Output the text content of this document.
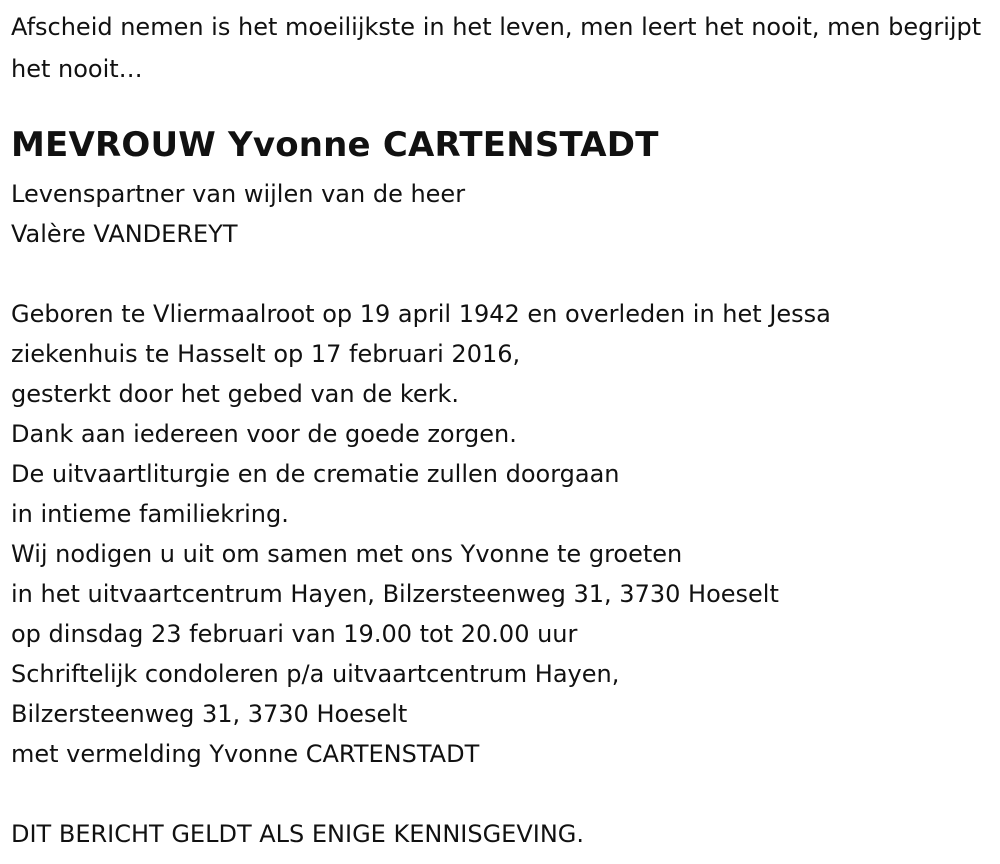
Afscheid nemen is het moeilijkste in het leven, men leert het nooit, men begrijpt het nooit…

MEVROUW Yvonne CARTENSTADT
Levenspartner van wijlen van de heer
Valère VANDEREYT
Geboren te Vliermaalroot op 19 april 1942 en overleden in het Jessa
ziekenhuis te Hasselt op 17 februari 2016,
gesterkt door het gebed van de kerk.
Dank aan iedereen voor de goede zorgen.
De uitvaartliturgie en de crematie zullen doorgaan
in intieme familiekring.
Wij nodigen u uit om samen met ons Yvonne te groeten
in het uitvaartcentrum Hayen, Bilzersteenweg 31, 3730 Hoeselt
op dinsdag 23 februari van 19.00 tot 20.00 uur
Schriftelijk condoleren p/a uitvaartcentrum Hayen,
Bilzersteenweg 31, 3730 Hoeselt
met vermelding Yvonne CARTENSTADT

DIT BERICHT GELDT ALS ENIGE KENNISGEVING.
